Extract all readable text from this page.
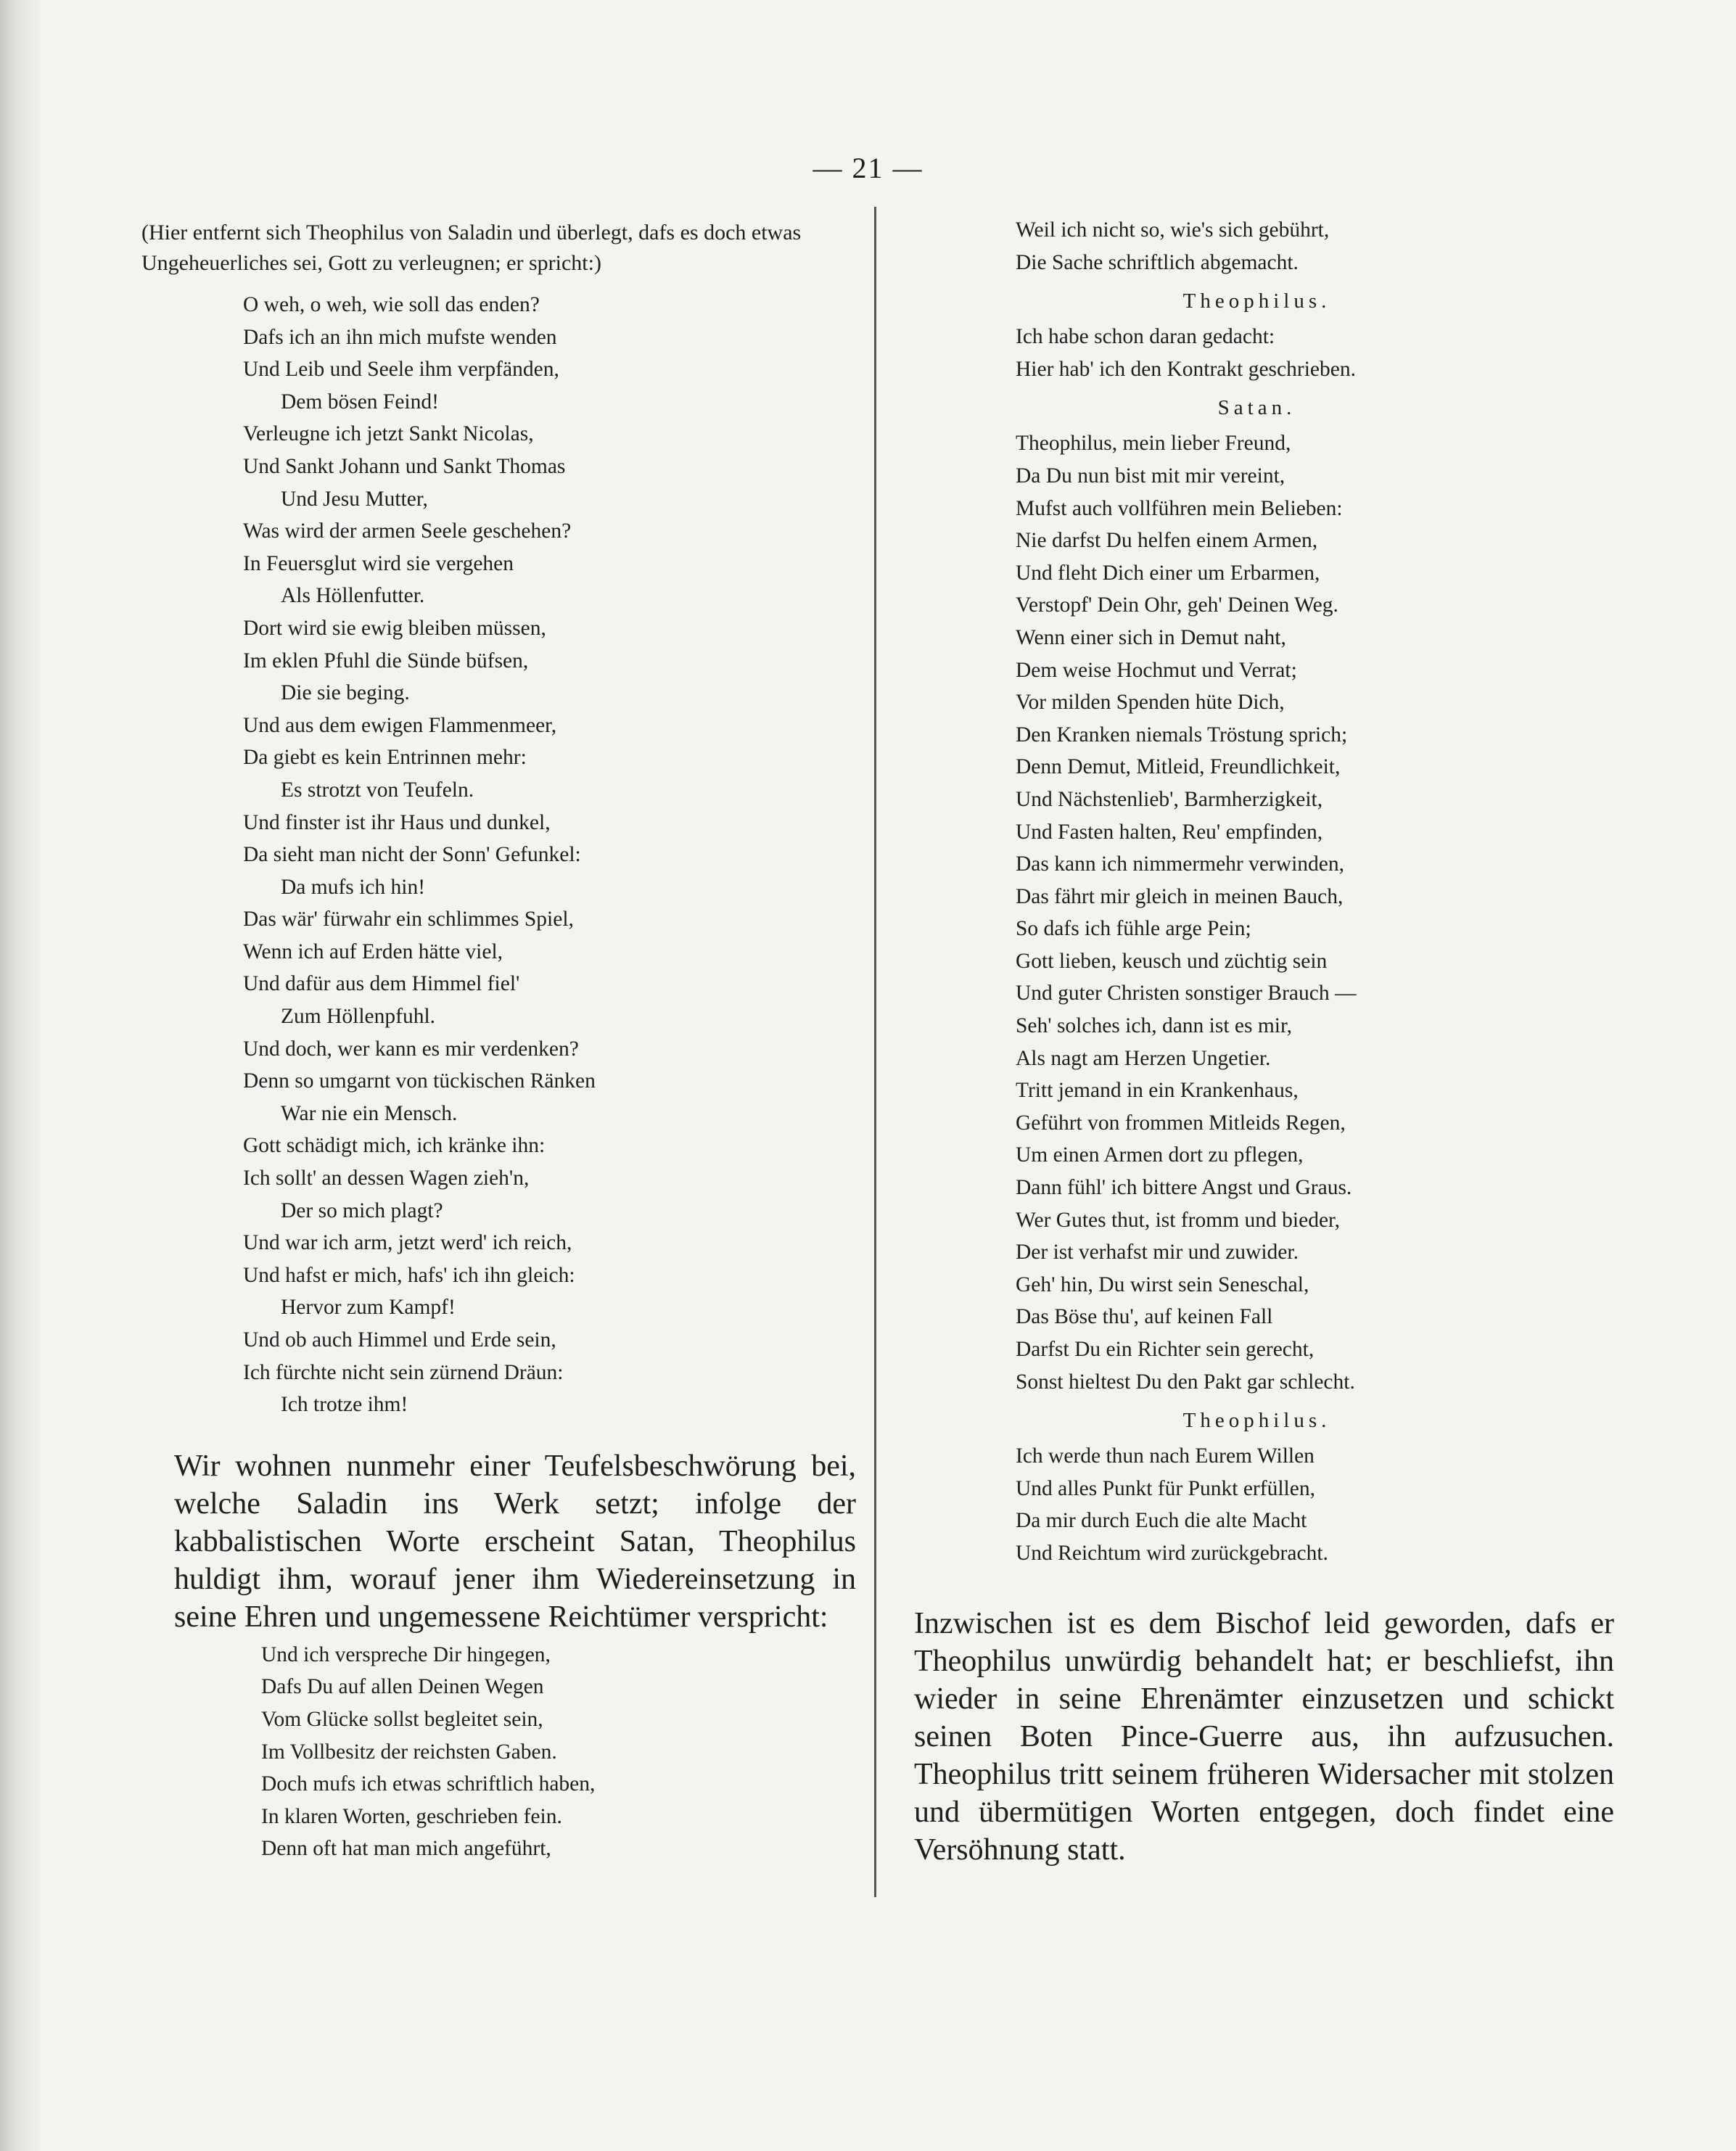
— 21 —

(Hier entfernt sich Theophilus von Saladin und überlegt, dafs es doch etwas Ungeheuerliches sei, Gott zu verleugnen; er spricht:)

O weh, o weh, wie soll das enden?
Dafs ich an ihn mich mufste wenden
Und Leib und Seele ihm verpfänden,
Dem bösen Feind!
Verleugne ich jetzt Sankt Nicolas,
Und Sankt Johann und Sankt Thomas
Und Jesu Mutter,
Was wird der armen Seele geschehen?
In Feuersglut wird sie vergehen
Als Höllenfutter.
Dort wird sie ewig bleiben müssen,
Im eklen Pfuhl die Sünde büfsen,
Die sie beging.
Und aus dem ewigen Flammenmeer,
Da giebt es kein Entrinnen mehr:
Es strotzt von Teufeln.
Und finster ist ihr Haus und dunkel,
Da sieht man nicht der Sonn' Gefunkel:
Da mufs ich hin!
Das wär' fürwahr ein schlimmes Spiel,
Wenn ich auf Erden hätte viel,
Und dafür aus dem Himmel fiel'
Zum Höllenpfuhl.
Und doch, wer kann es mir verdenken?
Denn so umgarnt von tückischen Ränken
War nie ein Mensch.
Gott schädigt mich, ich kränke ihn:
Ich sollt' an dessen Wagen zieh'n,
Der so mich plagt?
Und war ich arm, jetzt werd' ich reich,
Und hafst er mich, hafs' ich ihn gleich:
Hervor zum Kampf!
Und ob auch Himmel und Erde sein,
Ich fürchte nicht sein zürnend Dräun:
Ich trotze ihm!

Wir wohnen nunmehr einer Teufelsbeschwörung bei, welche Saladin ins Werk setzt; infolge der kabbalistischen Worte erscheint Satan, Theophilus huldigt ihm, worauf jener ihm Wiedereinsetzung in seine Ehren und ungemessene Reichtümer verspricht:

Und ich verspreche Dir hingegen,
Dafs Du auf allen Deinen Wegen
Vom Glücke sollst begleitet sein,
Im Vollbesitz der reichsten Gaben.
Doch mufs ich etwas schriftlich haben,
In klaren Worten, geschrieben fein.
Denn oft hat man mich angeführt,
Weil ich nicht so, wie's sich gebührt,
Die Sache schriftlich abgemacht.
Theophilus.
Ich habe schon daran gedacht:
Hier hab' ich den Kontrakt geschrieben.
Satan.
Theophilus, mein lieber Freund,
Da Du nun bist mit mir vereint,
Mufst auch vollführen mein Belieben:
Nie darfst Du helfen einem Armen,
Und fleht Dich einer um Erbarmen,
Verstopf' Dein Ohr, geh' Deinen Weg.
Wenn einer sich in Demut naht,
Dem weise Hochmut und Verrat;
Vor milden Spenden hüte Dich,
Den Kranken niemals Tröstung sprich;
Denn Demut, Mitleid, Freundlichkeit,
Und Nächstenlieb', Barmherzigkeit,
Und Fasten halten, Reu' empfinden,
Das kann ich nimmermehr verwinden,
Das fährt mir gleich in meinen Bauch,
So dafs ich fühle arge Pein;
Gott lieben, keusch und züchtig sein
Und guter Christen sonstiger Brauch —
Seh' solches ich, dann ist es mir,
Als nagt am Herzen Ungetier.
Tritt jemand in ein Krankenhaus,
Geführt von frommen Mitleids Regen,
Um einen Armen dort zu pflegen,
Dann fühl' ich bittere Angst und Graus.
Wer Gutes thut, ist fromm und bieder,
Der ist verhafst mir und zuwider.
Geh' hin, Du wirst sein Seneschal,
Das Böse thu', auf keinen Fall
Darfst Du ein Richter sein gerecht,
Sonst hieltest Du den Pakt gar schlecht.
Theophilus.
Ich werde thun nach Eurem Willen
Und alles Punkt für Punkt erfüllen,
Da mir durch Euch die alte Macht
Und Reichtum wird zurückgebracht.

Inzwischen ist es dem Bischof leid geworden, dafs er Theophilus unwürdig behandelt hat; er beschliefst, ihn wieder in seine Ehrenämter einzusetzen und schickt seinen Boten Pince-Guerre aus, ihn aufzusuchen. Theophilus tritt seinem früheren Widersacher mit stolzen und übermütigen Worten entgegen, doch findet eine Versöhnung statt.
